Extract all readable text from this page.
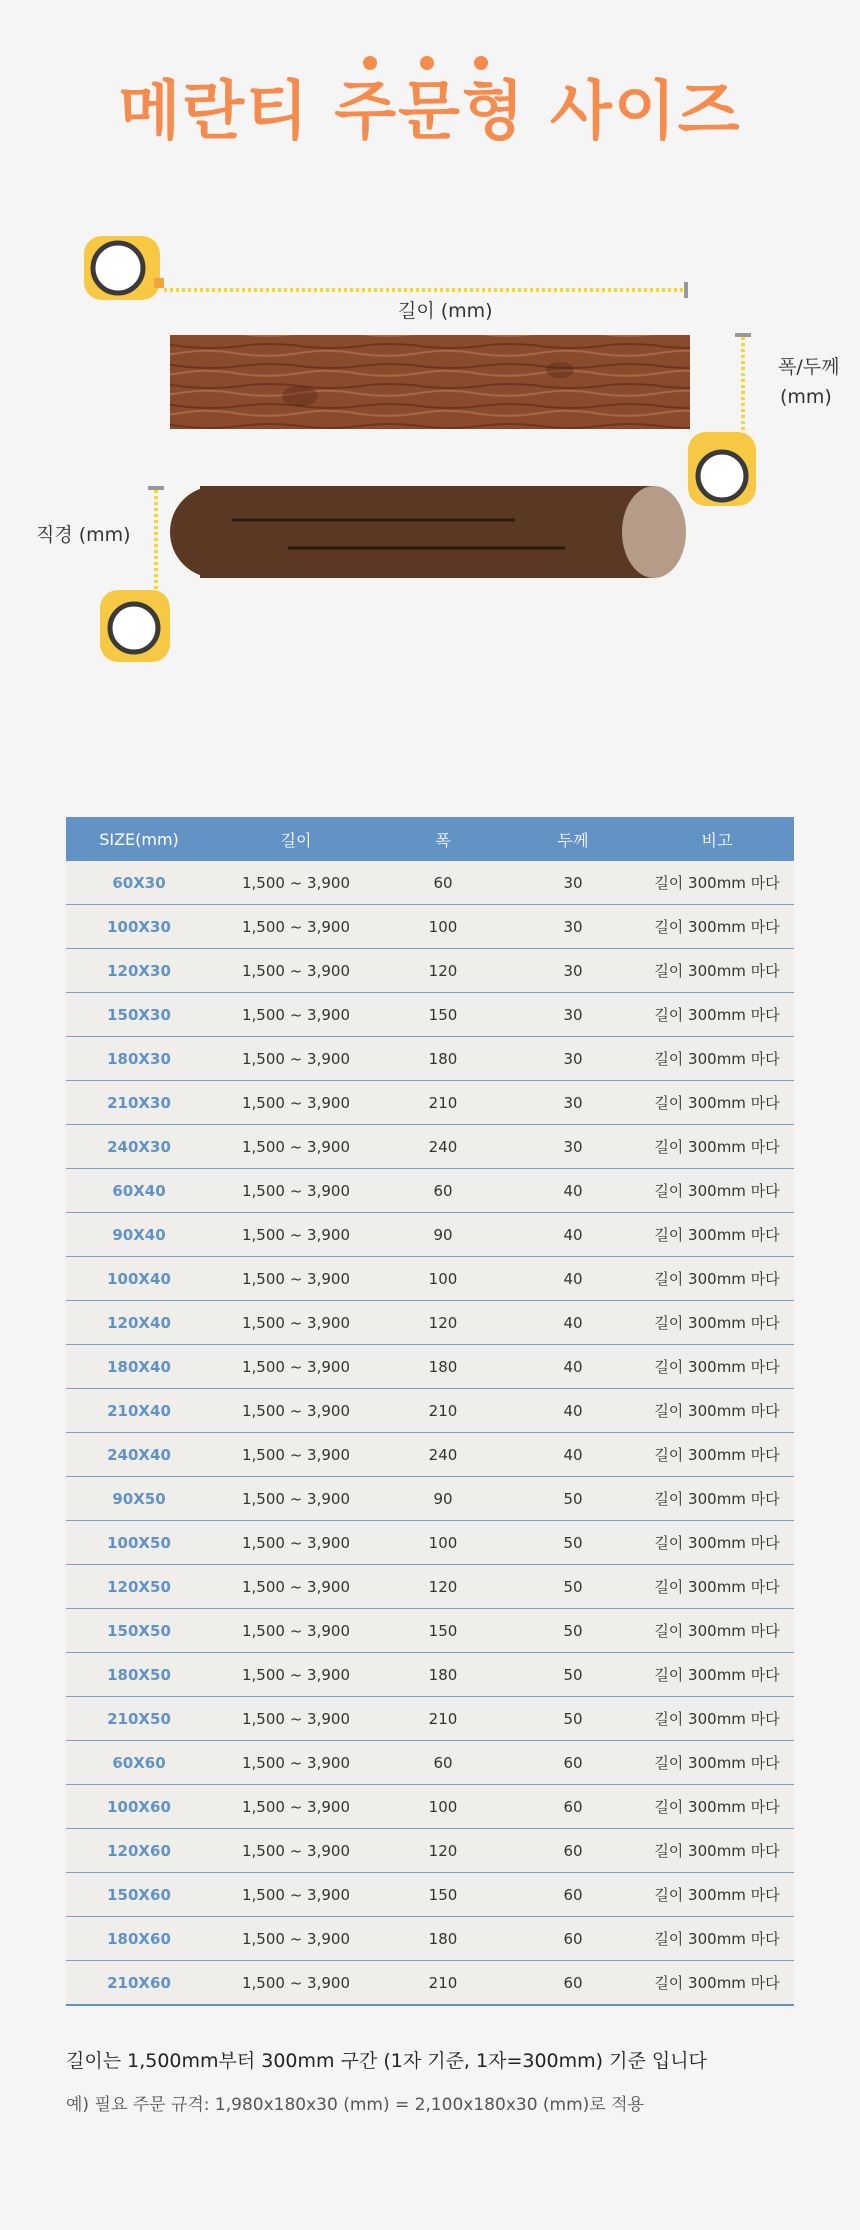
메란티 주문형 사이즈
길이 (mm)
폭/두께
(mm)
직경 (mm)
SIZE(mm)	길이	폭	두께	비고
60X30	1,500 ~ 3,900	60	30	길이 300mm 마다
100X30	1,500 ~ 3,900	100	30	길이 300mm 마다
120X30	1,500 ~ 3,900	120	30	길이 300mm 마다
150X30	1,500 ~ 3,900	150	30	길이 300mm 마다
180X30	1,500 ~ 3,900	180	30	길이 300mm 마다
210X30	1,500 ~ 3,900	210	30	길이 300mm 마다
240X30	1,500 ~ 3,900	240	30	길이 300mm 마다
60X40	1,500 ~ 3,900	60	40	길이 300mm 마다
90X40	1,500 ~ 3,900	90	40	길이 300mm 마다
100X40	1,500 ~ 3,900	100	40	길이 300mm 마다
120X40	1,500 ~ 3,900	120	40	길이 300mm 마다
180X40	1,500 ~ 3,900	180	40	길이 300mm 마다
210X40	1,500 ~ 3,900	210	40	길이 300mm 마다
240X40	1,500 ~ 3,900	240	40	길이 300mm 마다
90X50	1,500 ~ 3,900	90	50	길이 300mm 마다
100X50	1,500 ~ 3,900	100	50	길이 300mm 마다
120X50	1,500 ~ 3,900	120	50	길이 300mm 마다
150X50	1,500 ~ 3,900	150	50	길이 300mm 마다
180X50	1,500 ~ 3,900	180	50	길이 300mm 마다
210X50	1,500 ~ 3,900	210	50	길이 300mm 마다
60X60	1,500 ~ 3,900	60	60	길이 300mm 마다
100X60	1,500 ~ 3,900	100	60	길이 300mm 마다
120X60	1,500 ~ 3,900	120	60	길이 300mm 마다
150X60	1,500 ~ 3,900	150	60	길이 300mm 마다
180X60	1,500 ~ 3,900	180	60	길이 300mm 마다
210X60	1,500 ~ 3,900	210	60	길이 300mm 마다
길이는 1,500mm부터 300mm 구간 (1자 기준, 1자=300mm) 기준 입니다
예) 필요 주문 규격: 1,980x180x30 (mm) = 2,100x180x30 (mm)로 적용
